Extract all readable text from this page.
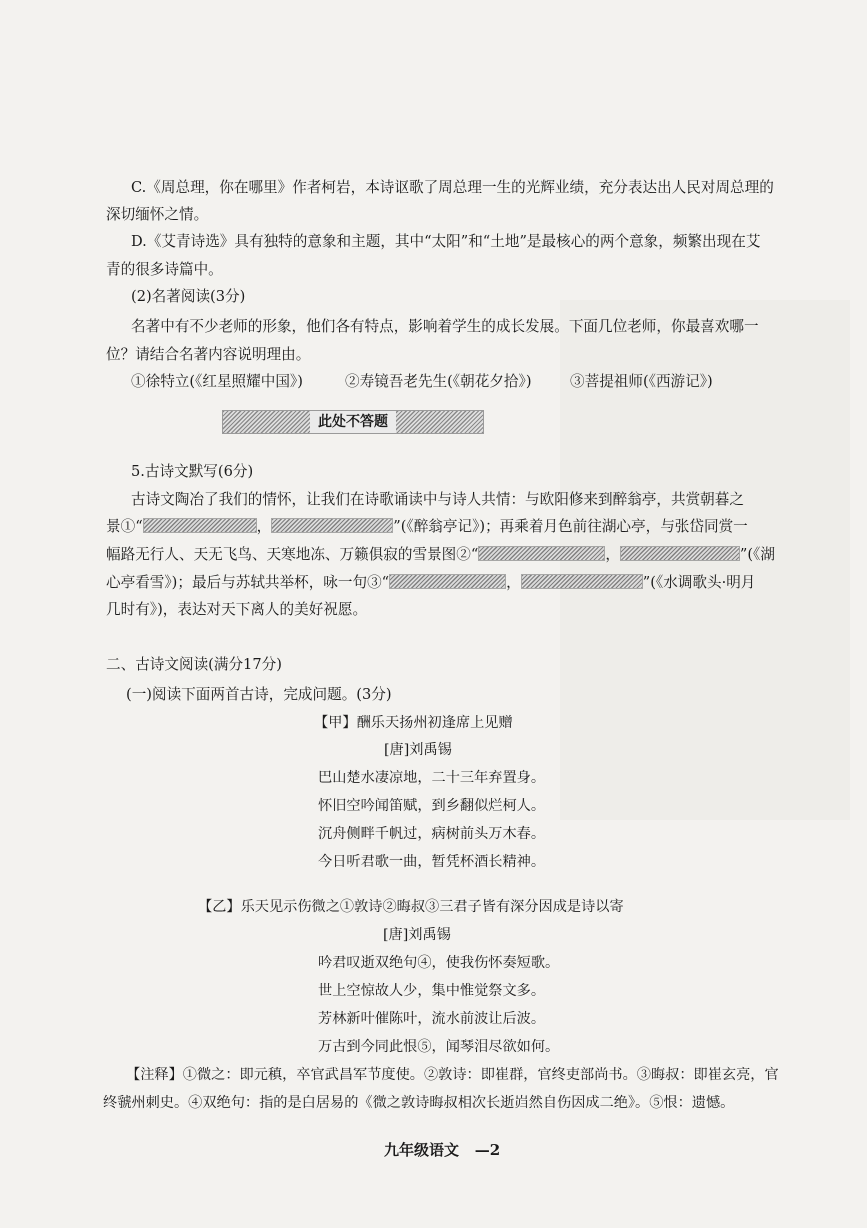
C.《周总理，你在哪里》作者柯岩，本诗讴歌了周总理一生的光辉业绩，充分表达出人民对周总理的
深切缅怀之情。
D.《艾青诗选》具有独特的意象和主题，其中“太阳”和“土地”是最核心的两个意象，频繁出现在艾
青的很多诗篇中。
(2)名著阅读(3分)
名著中有不少老师的形象，他们各有特点，影响着学生的成长发展。下面几位老师，你最喜欢哪一
位？请结合名著内容说明理由。
①徐特立(《红星照耀中国》)	②寿镜吾老先生(《朝花夕拾》)	③菩提祖师(《西游记》)
此处不答题
5.古诗文默写(6分)
古诗文陶冶了我们的情怀，让我们在诗歌诵读中与诗人共情：与欧阳修来到醉翁亭，共赏朝暮之
景①“	，	”(《醉翁亭记》)；再乘着月色前往湖心亭，与张岱同赏一
幅路无行人、天无飞鸟、天寒地冻、万籁俱寂的雪景图②“	，	”(《湖
心亭看雪》)；最后与苏轼共举杯，咏一句③“	，	”(《水调歌头·明月
几时有》)，表达对天下离人的美好祝愿。
二、古诗文阅读(满分17分)
(一)阅读下面两首古诗，完成问题。(3分)
【甲】酬乐天扬州初逢席上见赠
[唐]刘禹锡
巴山楚水凄凉地，二十三年弃置身。
怀旧空吟闻笛赋，到乡翻似烂柯人。
沉舟侧畔千帆过，病树前头万木春。
今日听君歌一曲，暂凭杯酒长精神。
【乙】乐天见示伤微之①敦诗②晦叔③三君子皆有深分因成是诗以寄
[唐]刘禹锡
吟君叹逝双绝句④，使我伤怀奏短歌。
世上空惊故人少，集中惟觉祭文多。
芳林新叶催陈叶，流水前波让后波。
万古到今同此恨⑤，闻琴泪尽欲如何。
【注释】①微之：即元稹，卒官武昌军节度使。②敦诗：即崔群，官终吏部尚书。③晦叔：即崔玄亮，官
终虢州刺史。④双绝句：指的是白居易的《微之敦诗晦叔相次长逝岿然自伤因成二绝》。⑤恨：遗憾。
九年级语文 —2
